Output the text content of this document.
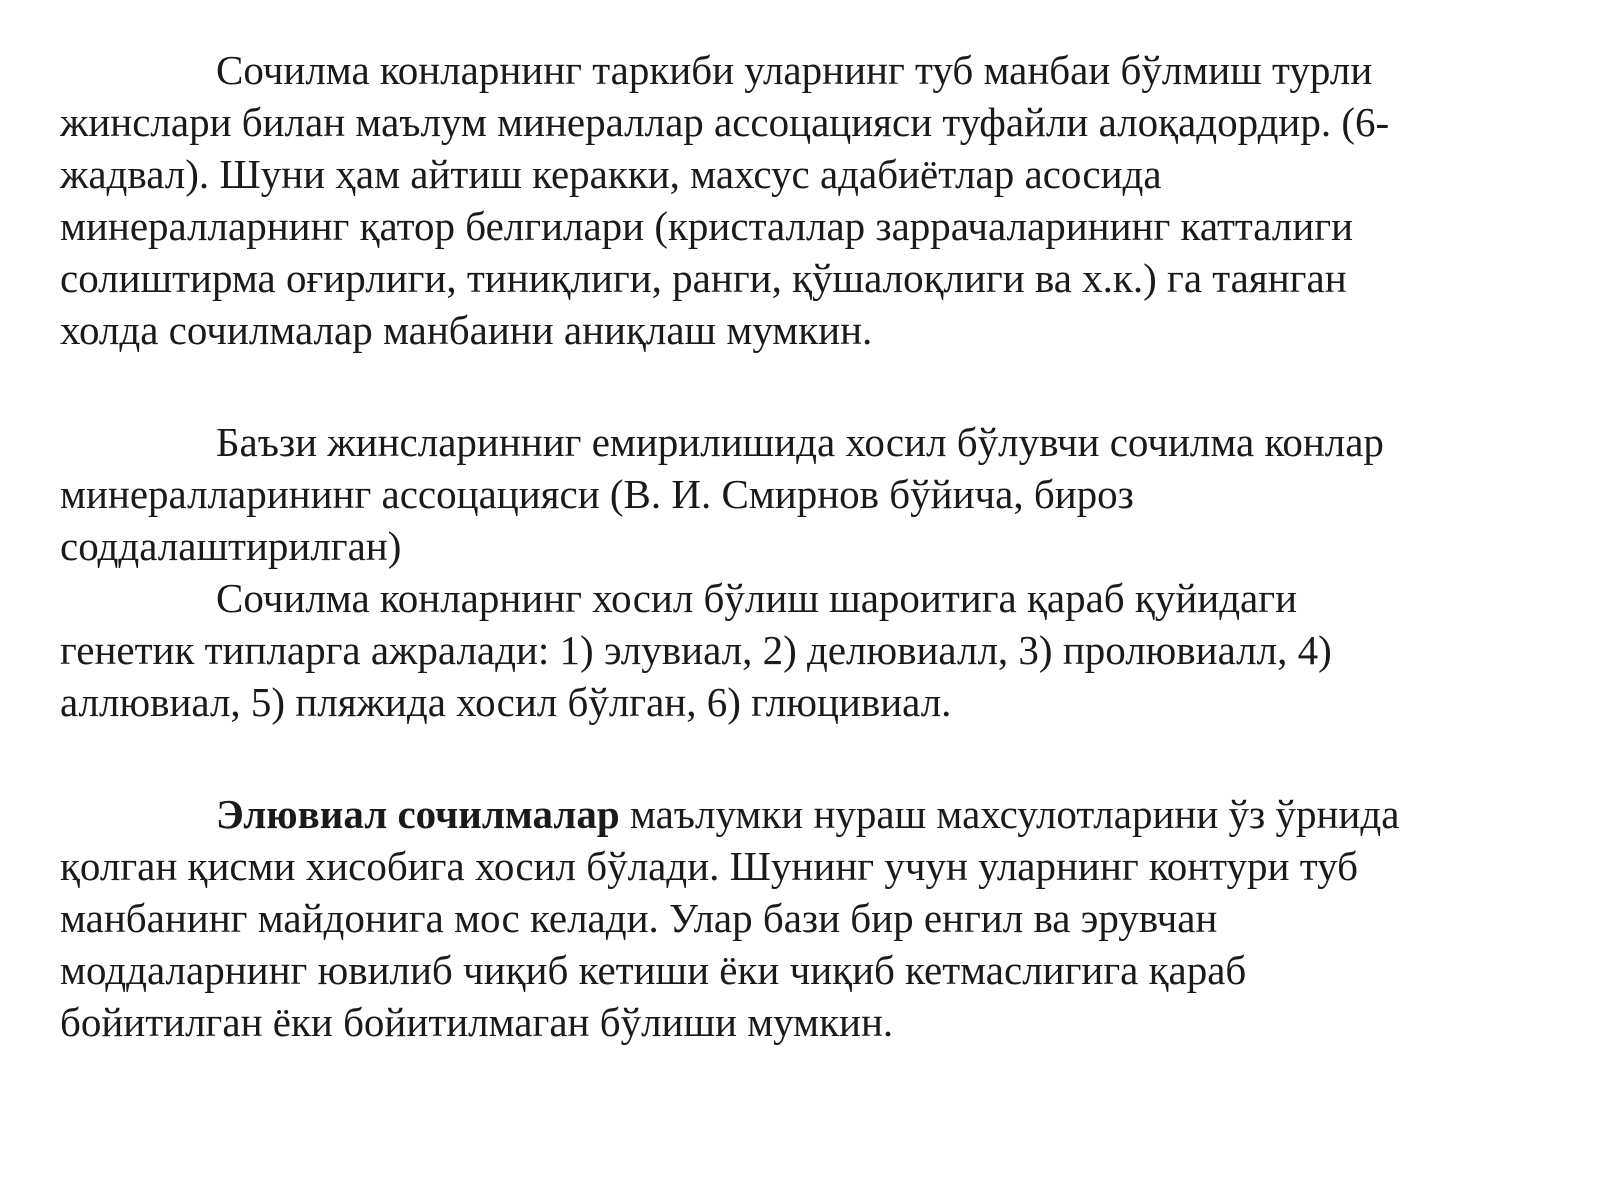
Сочилма конларнинг таркиби уларнинг туб манбаи бўлмиш турли
жинслари билан маълум минераллар ассоцацияси туфайли алоқадордир. (6-
жадвал). Шуни ҳам айтиш керакки, махсус адабиётлар асосида
минералларнинг қатор белгилари (кристаллар заррачаларининг катталиги
солиштирма оғирлиги, тиниқлиги, ранги, қўшалоқлиги ва х.к.) га таянган
холда сочилмалар манбаини аниқлаш мумкин.
Баъзи жинсларинниг емирилишида хосил бўлувчи сочилма конлар
минералларининг ассоцацияси (В. И. Смирнов бўйича, бироз
соддалаштирилган)
Сочилма конларнинг хосил бўлиш шароитига қараб қуйидаги
генетик типларга ажралади: 1) элувиал, 2) делювиалл, 3) пролювиалл, 4)
аллювиал, 5) пляжида хосил бўлган, 6) глюцивиал.
Элювиал сочилмалар маълумки нураш махсулотларини ўз ўрнида
қолган қисми хисобига хосил бўлади. Шунинг учун уларнинг контури туб
манбанинг майдонига мос келади. Улар бази бир енгил ва эрувчан
моддаларнинг ювилиб чиқиб кетиши ёки чиқиб кетмаслигига қараб
бойитилган ёки бойитилмаган бўлиши мумкин.
